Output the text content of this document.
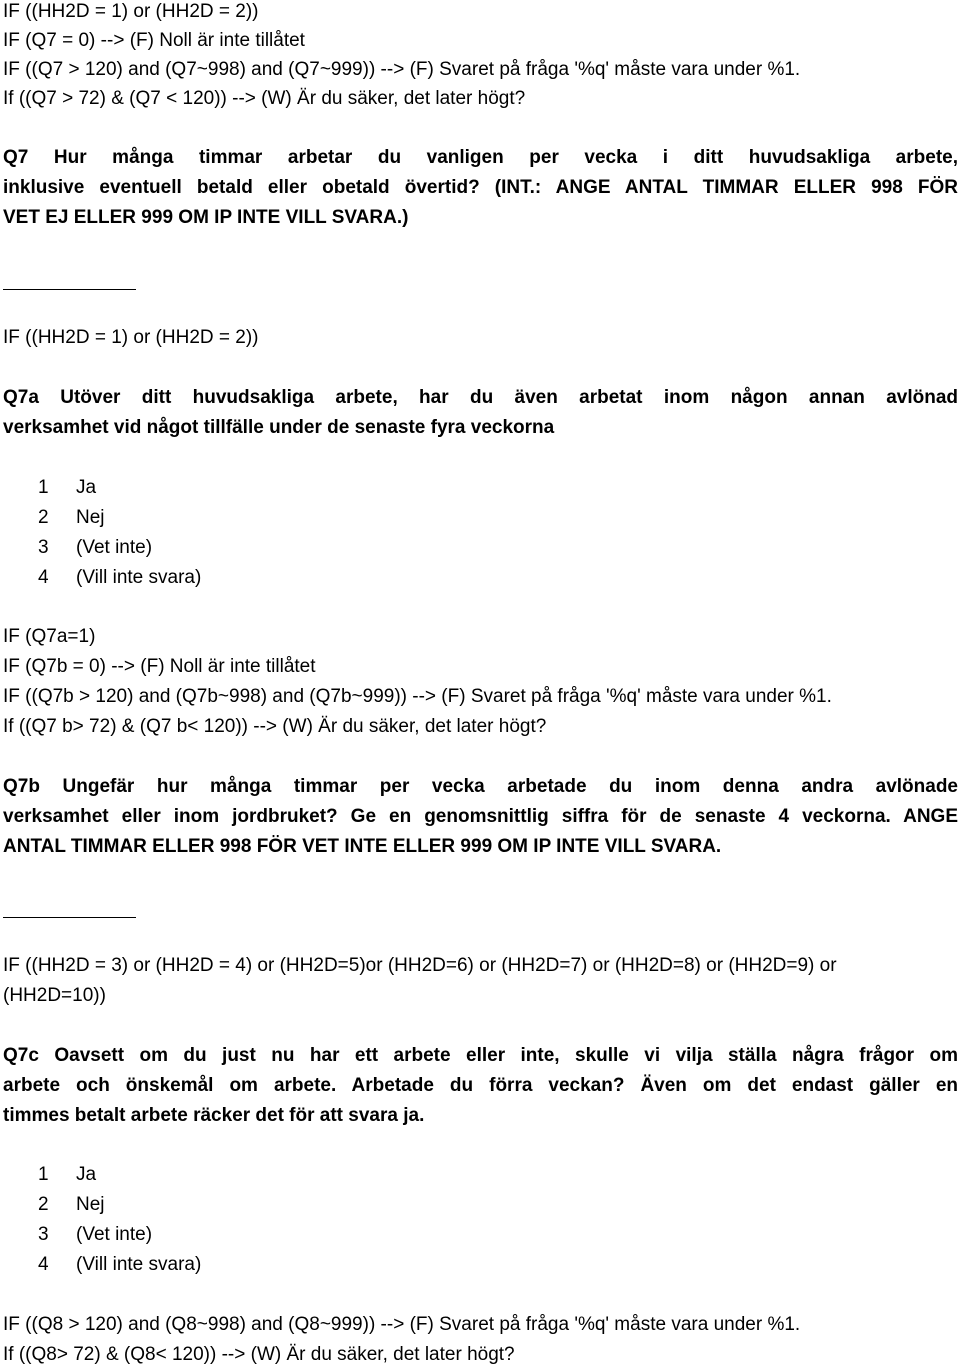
IF ((HH2D = 1) or (HH2D = 2))
IF (Q7 = 0) --> (F) Noll är inte tillåtet
IF ((Q7 > 120) and (Q7~998) and (Q7~999)) --> (F) Svaret på fråga '%q' måste vara under %1.
If ((Q7 > 72) & (Q7 < 120)) --> (W) Är du säker, det later högt?
Q7 Hur många timmar arbetar du vanligen per vecka i ditt huvudsakliga arbete,
inklusive eventuell betald eller obetald övertid? (INT.: ANGE ANTAL TIMMAR ELLER 998 FÖR
VET EJ ELLER 999 OM IP INTE VILL SVARA.)
IF ((HH2D = 1) or (HH2D = 2))
Q7a Utöver ditt huvudsakliga arbete, har du även arbetat inom någon annan avlönad
verksamhet vid något tillfälle under de senaste fyra veckorna
1 Ja
2 Nej
3 (Vet inte)
4 (Vill inte svara)
IF (Q7a=1)
IF (Q7b = 0) --> (F) Noll är inte tillåtet
IF ((Q7b > 120) and (Q7b~998) and (Q7b~999)) --> (F) Svaret på fråga '%q' måste vara under %1.
If ((Q7 b> 72) & (Q7 b< 120)) --> (W) Är du säker, det later högt?
Q7b Ungefär hur många timmar per vecka arbetade du inom denna andra avlönade
verksamhet eller inom jordbruket? Ge en genomsnittlig siffra för de senaste 4 veckorna. ANGE
ANTAL TIMMAR ELLER 998 FÖR VET INTE ELLER 999 OM IP INTE VILL SVARA.
IF ((HH2D = 3) or (HH2D = 4) or (HH2D=5)or (HH2D=6) or (HH2D=7) or (HH2D=8) or (HH2D=9) or
(HH2D=10))
Q7c Oavsett om du just nu har ett arbete eller inte, skulle vi vilja ställa några frågor om
arbete och önskemål om arbete. Arbetade du förra veckan? Även om det endast gäller en
timmes betalt arbete räcker det för att svara ja.
1 Ja
2 Nej
3 (Vet inte)
4 (Vill inte svara)
IF ((Q8 > 120) and (Q8~998) and (Q8~999)) --> (F) Svaret på fråga '%q' måste vara under %1.
If ((Q8> 72) & (Q8< 120)) --> (W) Är du säker, det later högt?
